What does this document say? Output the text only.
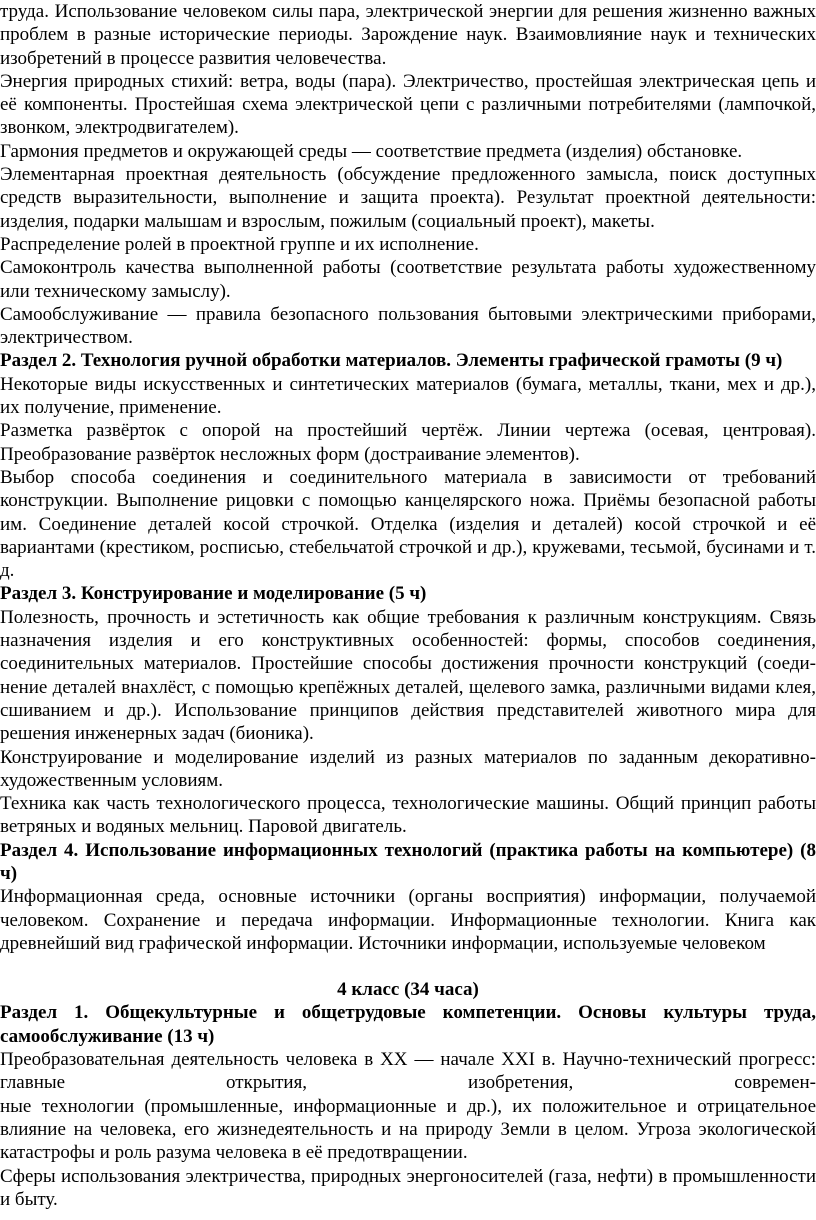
труда. Использование человеком силы пара, электрической энергии для решения жизненно важных проблем в разные исторические периоды. Зарождение наук. Взаимовлияние наук и технических изобретений в процессе развития человечества.

Энергия природных стихий: ветра, воды (пара). Электричество, простейшая электрическая цепь и её компоненты. Простейшая схема электрической цепи с различными потребителями (лампочкой, звонком, электродвигателем).

Гармония предметов и окружающей среды — соответствие предмета (изделия) обстановке.

Элементарная проектная деятельность (обсуждение предложенного замысла, поиск доступных средств выразительности, выполнение и защита проекта). Результат проектной деятельности: изделия, подарки малышам и взрослым, пожилым (социальный проект), макеты.

Распределение ролей в проектной группе и их исполнение.

Самоконтроль качества выполненной работы (соответствие результата работы художественному или техническому замыслу).

Самообслуживание — правила безопасного пользования бытовыми электрическими приборами, электричеством.

Раздел 2. Технология ручной обработки материалов. Элементы графической грамоты (9 ч)

Некоторые виды искусственных и синтетических материалов (бумага, металлы, ткани, мех и др.), их получение, применение.

Разметка развёрток с опорой на простейший чертёж. Линии чертежа (осевая, центровая). Преобразование развёрток несложных форм (достраивание элементов).

Выбор способа соединения и соединительного материала в зависимости от требований конструкции. Выполнение рицовки с помощью канцелярского ножа. Приёмы безопасной работы им. Соединение деталей косой строчкой. Отделка (изделия и деталей) косой строчкой и её вариантами (крестиком, росписью, стебельчатой строчкой и др.), кружевами, тесьмой, бусинами и т. д.

Раздел 3. Конструирование и моделирование (5 ч)

Полезность, прочность и эстетичность как общие требования к различным конструкциям. Связь назначения изделия и его конструктивных особенностей: формы, способов соединения, соединительных материалов. Простейшие способы достижения прочности конструкций (соеди-нение деталей внахлёст, с помощью крепёжных деталей, щелевого замка, различными видами клея, сшиванием и др.). Использование принципов действия представителей животного мира для решения инженерных задач (бионика).

Конструирование и моделирование изделий из разных материалов по заданным декоративно-художественным условиям.

Техника как часть технологического процесса, технологические машины. Общий принцип работы ветряных и водяных мельниц. Паровой двигатель.

Раздел 4. Использование информационных технологий (практика работы на компьютере) (8 ч)

Информационная среда, основные источники (органы восприятия) информации, получаемой человеком. Сохранение и передача информации. Информационные технологии. Книга как древнейший вид графической информации. Источники информации, используемые человеком

4 класс (34 часа)

Раздел 1. Общекультурные и общетрудовые компетенции. Основы культуры труда, самообслуживание (13 ч)

Преобразовательная деятельность человека в XX — начале XXI в. Научно-технический прогресс: главные открытия, изобретения, современ-

ные технологии (промышленные, информационные и др.), их положительное и отрицательное влияние на человека, его жизнедеятельность и на природу Земли в целом. Угроза экологической катастрофы и роль разума человека в её предотвращении.

Сферы использования электричества, природных энергоносителей (газа, нефти) в промышленности и быту.
